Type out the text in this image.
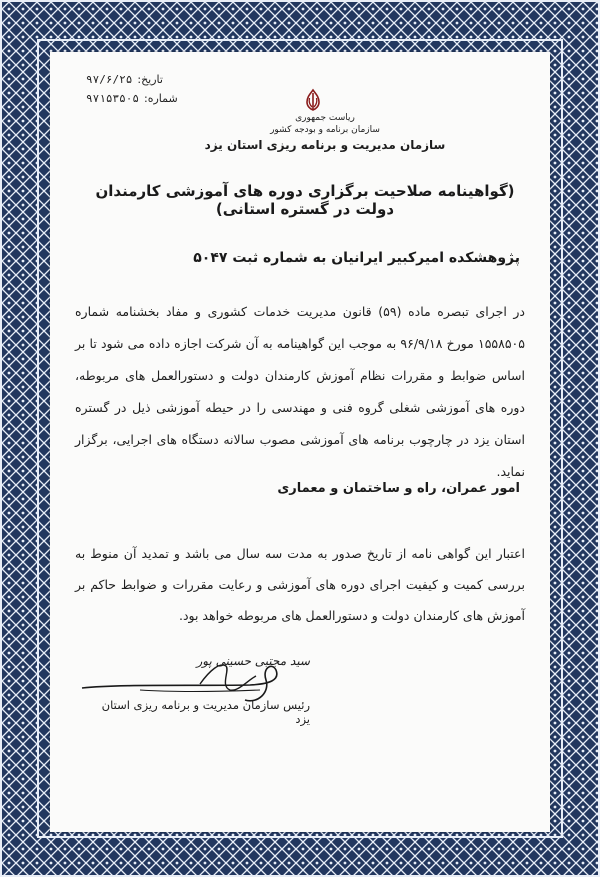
تاریخ:
۹۷/۶/۲۵
شماره:
۹۷۱۵۳۵۰۵
ریاست جمهوری
سازمان برنامه و بودجه کشور
سازمان مدیریت و برنامه ریزی استان یزد
(گواهینامه صلاحیت برگزاری دوره های آموزشی کارمندان دولت در گستره استانی)
پژوهشکده امیرکبیر ایرانیان به شماره ثبت ۵۰۴۷
در اجرای تبصره ماده (۵۹) قانون مدیریت خدمات کشوری و مفاد بخشنامه شماره ۱۵۵۸۵۰۵ مورخ ۹۶/۹/۱۸ به موجب این گواهینامه به آن شرکت اجازه داده می شود تا بر اساس ضوابط و مقررات نظام آموزش کارمندان دولت و دستورالعمل های مربوطه، دوره های آموزشی شغلی گروه فنی و مهندسی را در حیطه آموزشی ذیل در گستره استان یزد در چارچوب برنامه های آموزشی مصوب سالانه دستگاه های اجرایی، برگزار نماید.
امور عمران، راه و ساختمان و معماری
اعتبار این گواهی نامه از تاریخ صدور به مدت سه سال می باشد و تمدید آن منوط به بررسی کمیت و کیفیت اجرای دوره های آموزشی و رعایت مقررات و ضوابط حاکم بر آموزش های کارمندان دولت و دستورالعمل های مربوطه خواهد بود.
سید مجتبی حسینی پور
رئیس سازمان مدیریت و برنامه ریزی استان یزد
